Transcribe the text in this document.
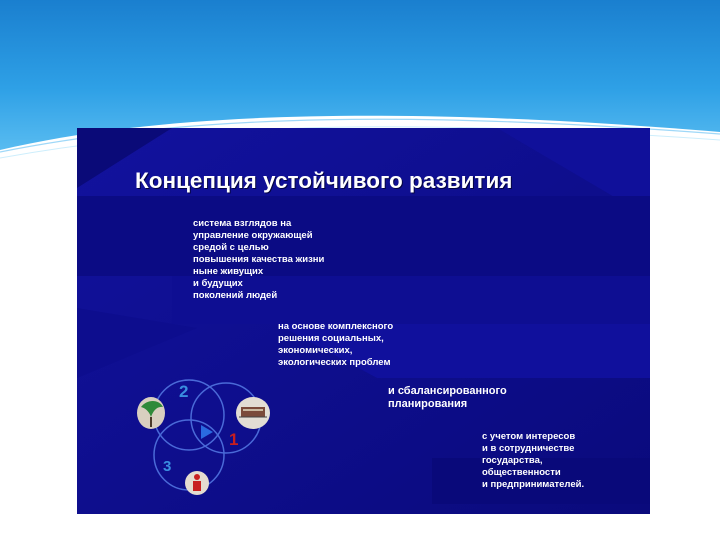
Концепция устойчивого развития
система взглядов на
управление окружающей
средой с целью
повышения качества жизни
ныне живущих
и будущих
поколений людей
на основе комплексного
решения социальных,
экономических,
экологических проблем
и сбалансированного
планирования
с учетом интересов
и в сотрудничестве
государства,
общественности
и предпринимателей.
2
1
3
